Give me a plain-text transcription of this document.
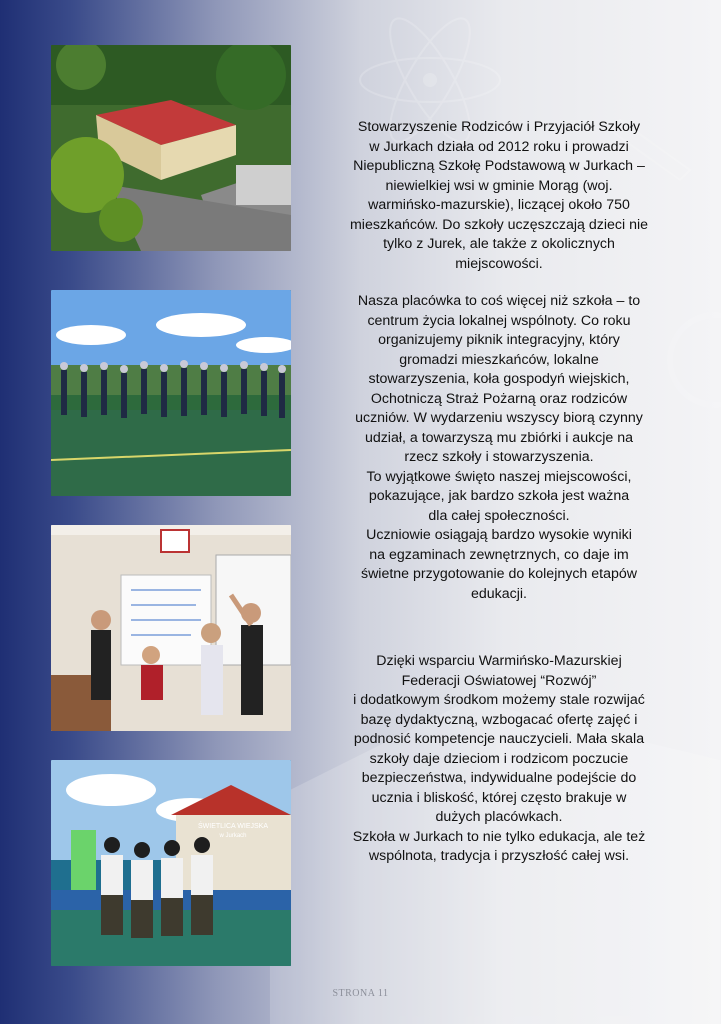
ŚWIETLICA WIEJSKA
w Jurkach

Stowarzyszenie Rodziców i Przyjaciół Szkoły

w Jurkach działa od 2012 roku i prowadzi

Niepubliczną Szkołę Podstawową w Jurkach –

niewielkiej wsi w gminie Morąg (woj.

warmińsko-mazurskie), liczącej około 750

mieszkańców. Do szkoły uczęszczają dzieci nie

tylko z Jurek, ale także z okolicznych

miejscowości.

Nasza placówka to coś więcej niż szkoła – to

centrum życia lokalnej wspólnoty. Co roku

organizujemy piknik integracyjny, który

gromadzi mieszkańców, lokalne

stowarzyszenia, koła gospodyń wiejskich,

Ochotniczą Straż Pożarną oraz rodziców

uczniów. W wydarzeniu wszyscy biorą czynny

udział, a towarzyszą mu zbiórki i aukcje na

rzecz szkoły i stowarzyszenia.

To wyjątkowe święto naszej miejscowości,

pokazujące, jak bardzo szkoła jest ważna

dla całej społeczności.

Uczniowie osiągają bardzo wysokie wyniki

na egzaminach zewnętrznych, co daje im

świetne przygotowanie do kolejnych etapów

edukacji.

Dzięki wsparciu Warmińsko-Mazurskiej

Federacji Oświatowej “Rozwój”

i dodatkowym środkom możemy stale rozwijać

bazę dydaktyczną, wzbogacać ofertę zajęć i

podnosić kompetencje nauczycieli. Mała skala

szkoły daje dzieciom i rodzicom poczucie

bezpieczeństwa, indywidualne podejście do

ucznia i bliskość, której często brakuje w

dużych placówkach.

Szkoła w Jurkach to nie tylko edukacja, ale też

wspólnota, tradycja i przyszłość całej wsi.

STRONA 11
